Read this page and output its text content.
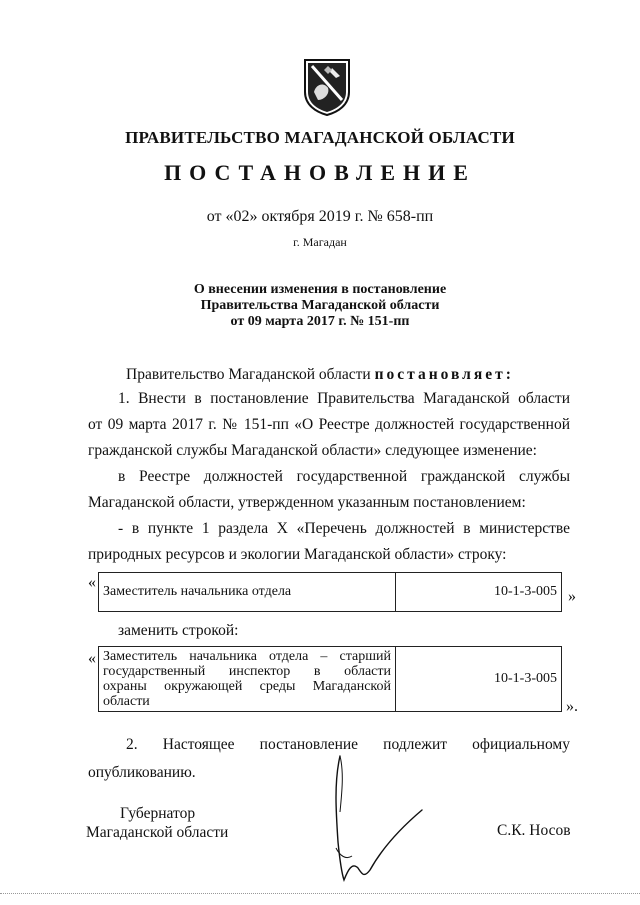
ПРАВИТЕЛЬСТВО МАГАДАНСКОЙ ОБЛАСТИ
ПОСТАНОВЛЕНИЕ
от «02» октября 2019 г. № 658-пп
г. Магадан
О внесении изменения в постановление
Правительства Магаданской области
от 09 марта 2017 г. № 151-пп
Правительство Магаданской области постановляет:
1. Внести в постановление Правительства Магаданской области
от 09 марта 2017 г. № 151-пп «О Реестре должностей государственной
гражданской службы Магаданской области» следующее изменение:
в Реестре должностей государственной гражданской службы
Магаданской области, утвержденном указанным постановлением:
- в пункте 1 раздела X «Перечень должностей в министерстве
природных ресурсов и экологии Магаданской области» строку:
«
Заместитель начальника отдела	10-1-3-005 »
заменить строкой:
« Заместитель начальника отдела – старший
государственный инспектор в области
охраны окружающей среды Магаданской
области
	10-1-3-005
».
2. Настоящее постановление подлежит официальному
опубликованию.
Губернатор
Магаданской области	С.К. Носов
